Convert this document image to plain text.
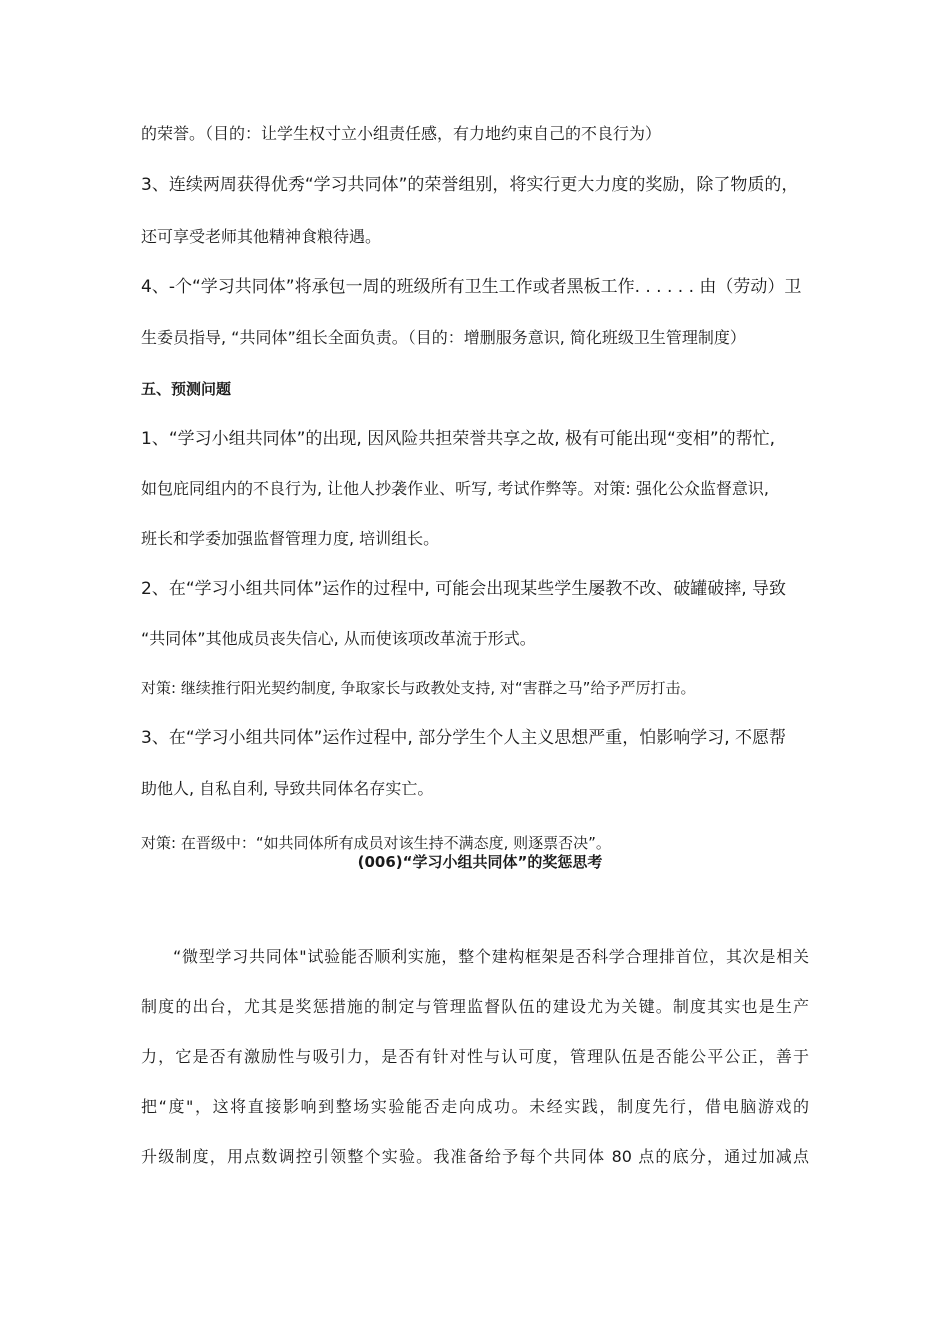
的荣誉。（目的：让学生权寸立小组责任感，有力地约束自己的不良行为）
3、连续两周获得优秀“学习共同体”的荣誉组别，将实行更大力度的奖励，除了物质的，
还可享受老师其他精神食粮待遇。
4、-个“学习共同体”将承包一周的班级所有卫生工作或者黑板工作. . . . . . 由（劳动）卫
生委员指导, “共同体”组长全面负责。（目的：增删服务意识, 简化班级卫生管理制度）
五、预测问题
1、“学习小组共同体”的出现, 因风险共担荣誉共享之故, 极有可能出现“变相”的帮忙,
如包庇同组内的不良行为, 让他人抄袭作业、听写, 考试作弊等。对策: 强化公众监督意识,
班长和学委加强监督管理力度, 培训组长。
2、在“学习小组共同体”运作的过程中, 可能会出现某些学生屡教不改、破罐破摔, 导致
“共同体”其他成员丧失信心, 从而使该项改革流于形式。
对策: 继续推行阳光契约制度, 争取家长与政教处支持, 对“害群之马”给予严厉打击。
3、在“学习小组共同体”运作过程中, 部分学生个人主义思想严重，怕影响学习, 不愿帮
助他人, 自私自利, 导致共同体名存实亡。
对策: 在晋级中：“如共同体所有成员对该生持不满态度, 则逐票否决”。
(006)“学习小组共同体”的奖惩思考
“微型学习共同体"试验能否顺利实施，整个建构框架是否科学合理排首位，其次是相关
制度的出台，尤其是奖惩措施的制定与管理监督队伍的建设尤为关键。制度其实也是生产
力，它是否有激励性与吸引力，是否有针对性与认可度，管理队伍是否能公平公正，善于
把“度"，这将直接影响到整场实验能否走向成功。未经实践，制度先行，借电脑游戏的
升级制度，用点数调控引领整个实验。我准备给予每个共同体 80 点的底分，通过加减点
